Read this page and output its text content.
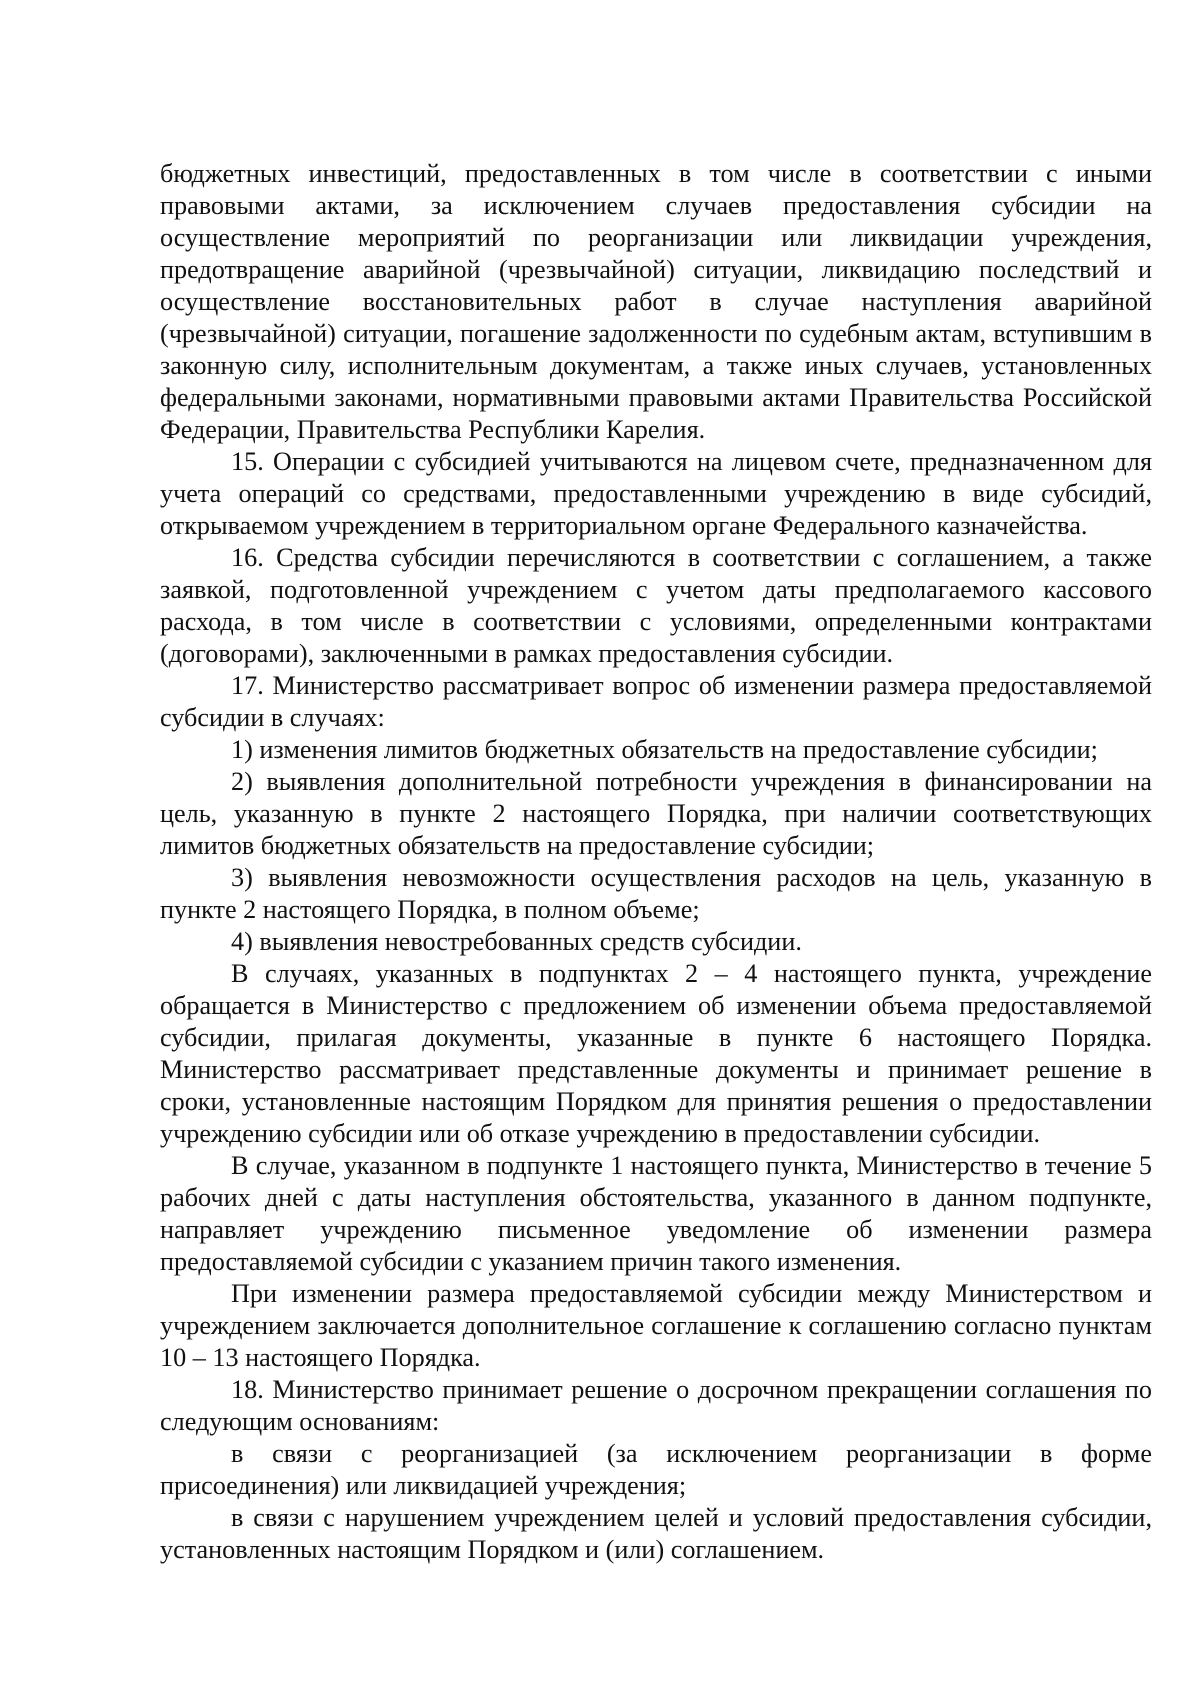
бюджетных инвестиций, предоставленных в том числе в соответствии с иными правовыми актами, за исключением случаев предоставления субсидии на осуществление мероприятий по реорганизации или ликвидации учреждения, предотвращение аварийной (чрезвычайной) ситуации, ликвидацию последствий и осуществление восстановительных работ в случае наступления аварийной (чрезвычайной) ситуации, погашение задолженности по судебным актам, вступившим в законную силу, исполнительным документам, а также иных случаев, установленных федеральными законами, нормативными правовыми актами Правительства Российской Федерации, Правительства Республики Карелия.

15. Операции с субсидией учитываются на лицевом счете, предназначенном для учета операций со средствами, предоставленными учреждению в виде субсидий, открываемом учреждением в территориальном органе Федерального казначейства.

16. Средства субсидии перечисляются в соответствии с соглашением, а также заявкой, подготовленной учреждением с учетом даты предполагаемого кассового расхода, в том числе в соответствии с условиями, определенными контрактами (договорами), заключенными в рамках предоставления субсидии.

17. Министерство рассматривает вопрос об изменении размера предоставляемой субсидии в случаях:

1) изменения лимитов бюджетных обязательств на предоставление субсидии;

2) выявления дополнительной потребности учреждения в финансировании на цель, указанную в пункте 2 настоящего Порядка, при наличии соответствующих лимитов бюджетных обязательств на предоставление субсидии;

3) выявления невозможности осуществления расходов на цель, указанную в пункте 2 настоящего Порядка, в полном объеме;

4) выявления невостребованных средств субсидии.

В случаях, указанных в подпунктах 2 – 4 настоящего пункта, учреждение обращается в Министерство с предложением об изменении объема предоставляемой субсидии, прилагая документы, указанные в пункте 6 настоящего Порядка. Министерство рассматривает представленные документы и принимает решение в сроки, установленные настоящим Порядком для принятия решения о предоставлении учреждению субсидии или об отказе учреждению в предоставлении субсидии.

В случае, указанном в подпункте 1 настоящего пункта, Министерство в течение 5 рабочих дней с даты наступления обстоятельства, указанного в данном подпункте, направляет учреждению письменное уведомление об изменении размера предоставляемой субсидии с указанием причин такого изменения.

При изменении размера предоставляемой субсидии между Министерством и учреждением заключается дополнительное соглашение к соглашению согласно пунктам 10 – 13 настоящего Порядка.

18. Министерство принимает решение о досрочном прекращении соглашения по следующим основаниям:

в связи с реорганизацией (за исключением реорганизации в форме присоединения) или ликвидацией учреждения;

в связи с нарушением учреждением целей и условий предоставления субсидии, установленных настоящим Порядком и (или) соглашением.
